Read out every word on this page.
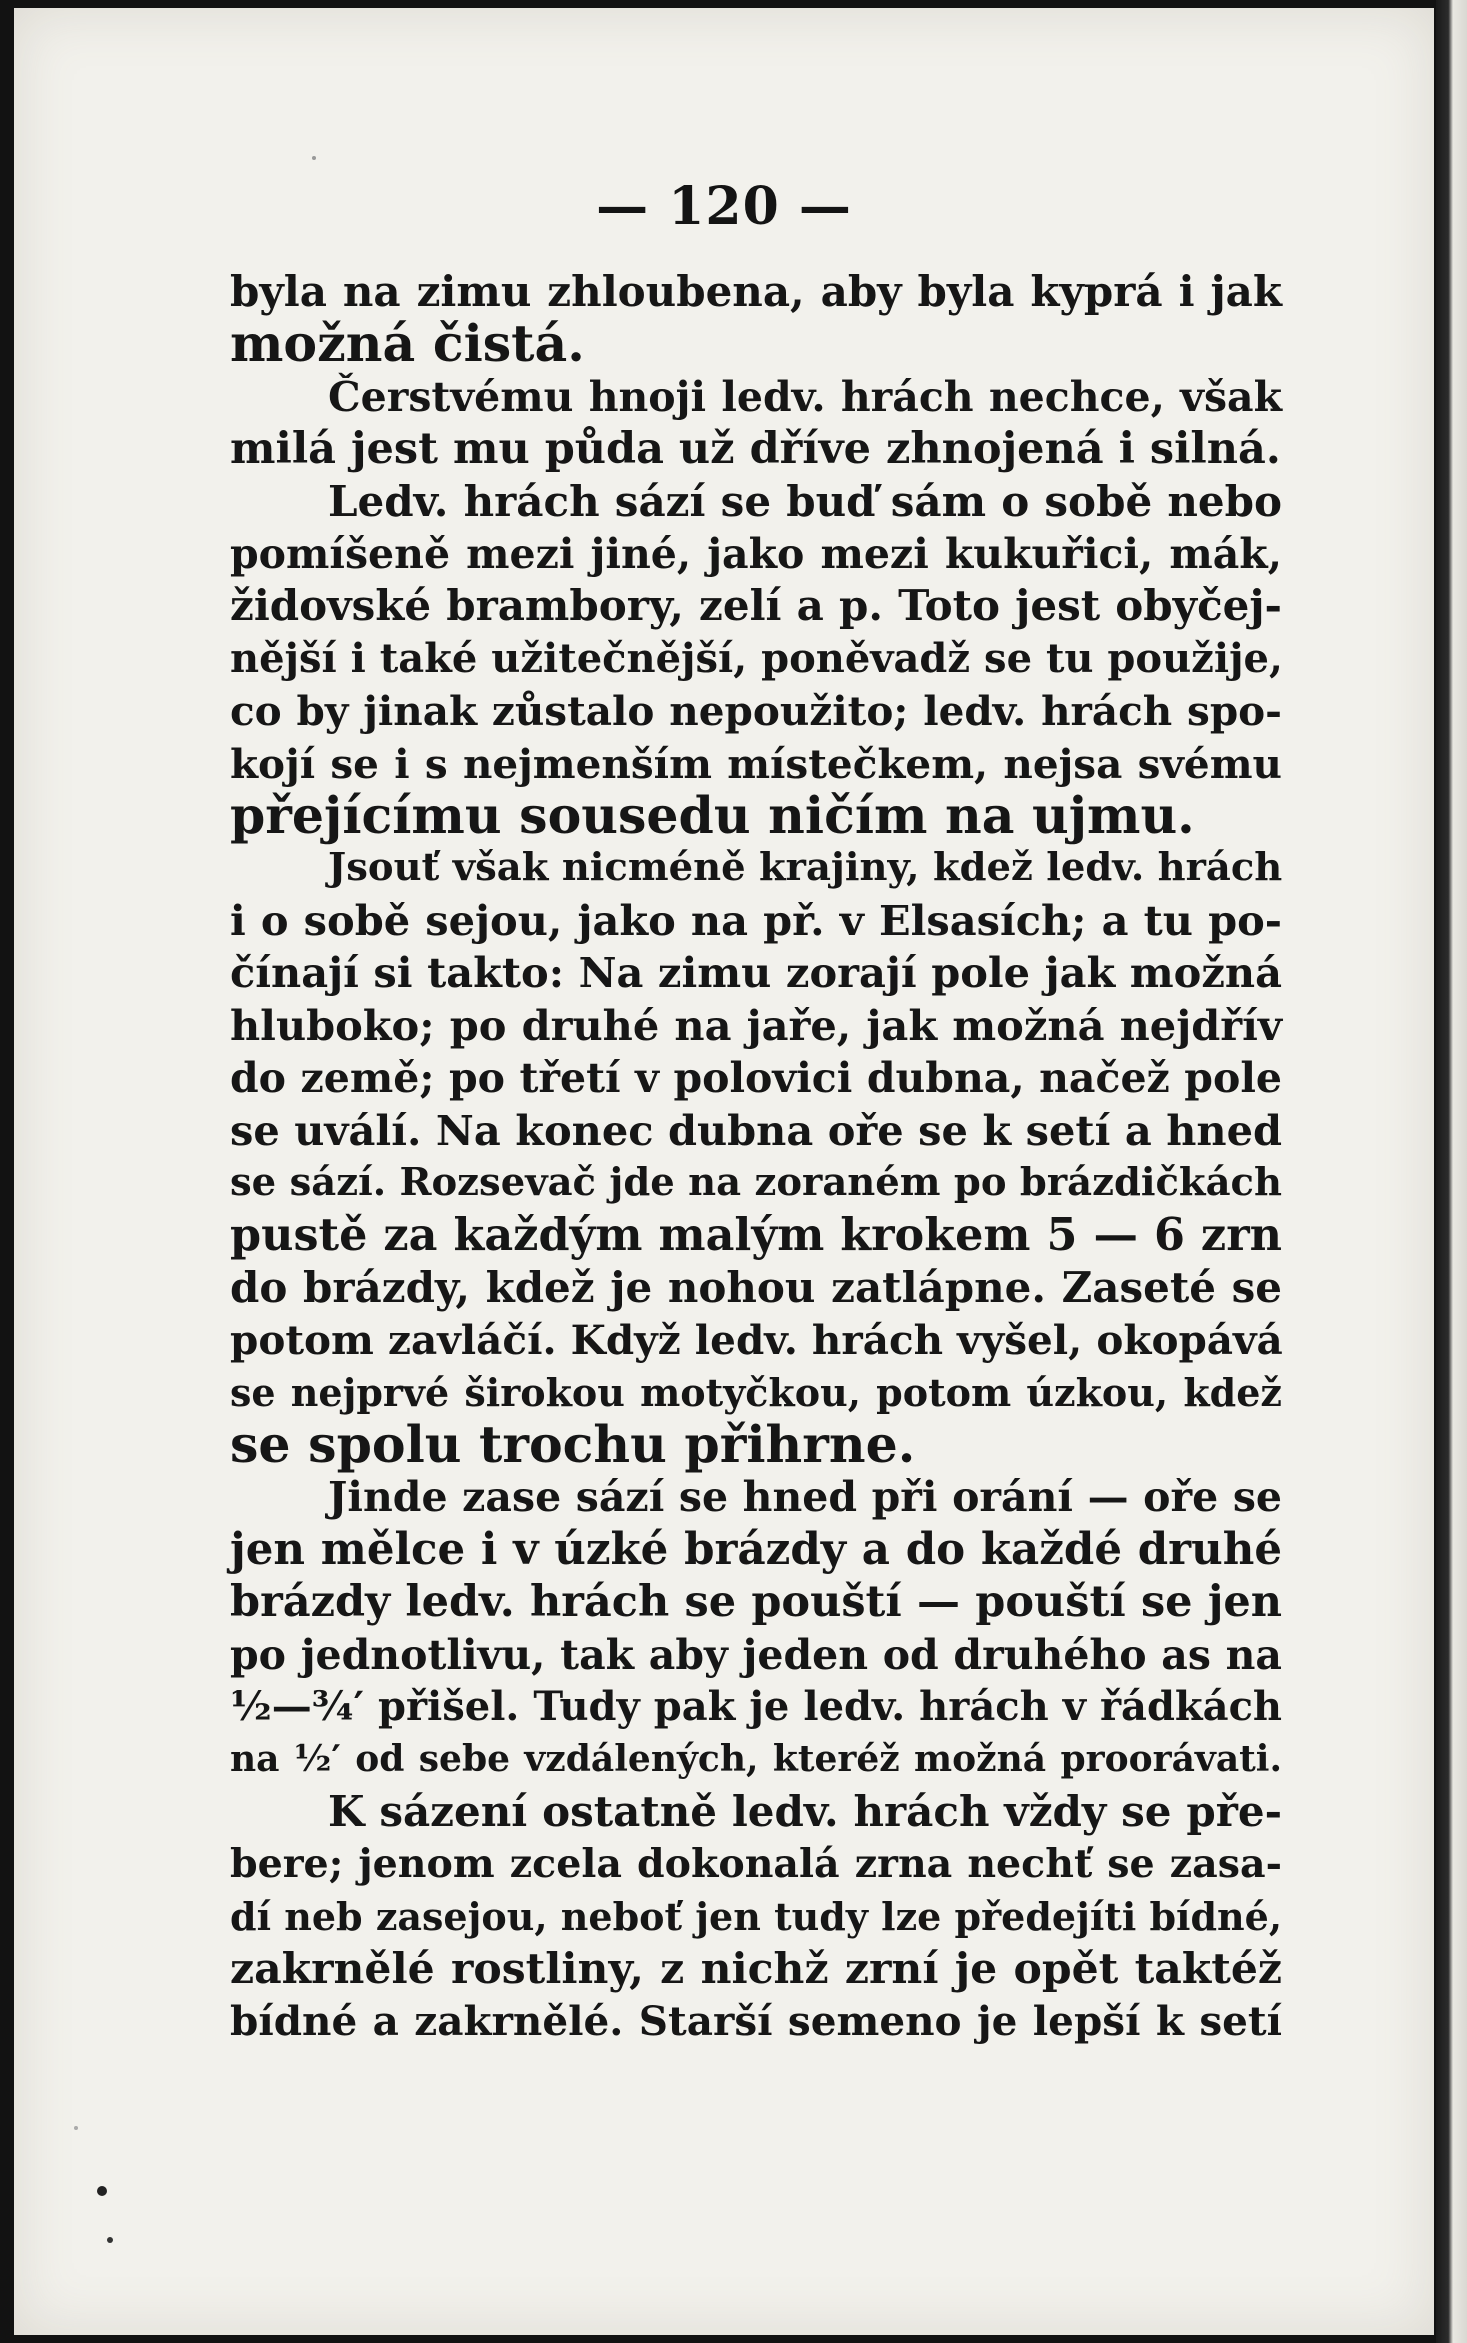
— 120 —
byla na zimu zhloubena, aby byla kyprá i jak
možná čistá.
Čerstvému hnoji ledv. hrách nechce, však
milá jest mu půda už dříve zhnojená i silná.
Ledv. hrách sází se buď sám o sobě nebo
pomíšeně mezi jiné, jako mezi kukuřici, mák,
židovské brambory, zelí a p. Toto jest obyčej-
nější i také užitečnější, poněvadž se tu použije,
co by jinak zůstalo nepoužito; ledv. hrách spo-
kojí se i s nejmenším místečkem, nejsa svému
přejícímu sousedu ničím na ujmu.
Jsouť však nicméně krajiny, kdež ledv. hrách
i o sobě sejou, jako na př. v Elsasích; a tu po-
čínají si takto: Na zimu zorají pole jak možná
hluboko; po druhé na jaře, jak možná nejdřív
do země; po třetí v polovici dubna, načež pole
se uválí. Na konec dubna oře se k setí a hned
se sází. Rozsevač jde na zoraném po brázdičkách
pustě za každým malým krokem 5 — 6 zrn
do brázdy, kdež je nohou zatlápne. Zaseté se
potom zavláčí. Když ledv. hrách vyšel, okopává
se nejprvé širokou motyčkou, potom úzkou, kdež
se spolu trochu přihrne.
Jinde zase sází se hned při orání — oře se
jen mělce i v úzké brázdy a do každé druhé
brázdy ledv. hrách se pouští — pouští se jen
po jednotlivu, tak aby jeden od druhého as na
½—¾′ přišel. Tudy pak je ledv. hrách v řádkách
na ½′ od sebe vzdálených, kteréž možná proorávati.
K sázení ostatně ledv. hrách vždy se pře-
bere; jenom zcela dokonalá zrna nechť se zasa-
dí neb zasejou, neboť jen tudy lze předejíti bídné,
zakrnělé rostliny, z nichž zrní je opět taktéž
bídné a zakrnělé. Starší semeno je lepší k setí
